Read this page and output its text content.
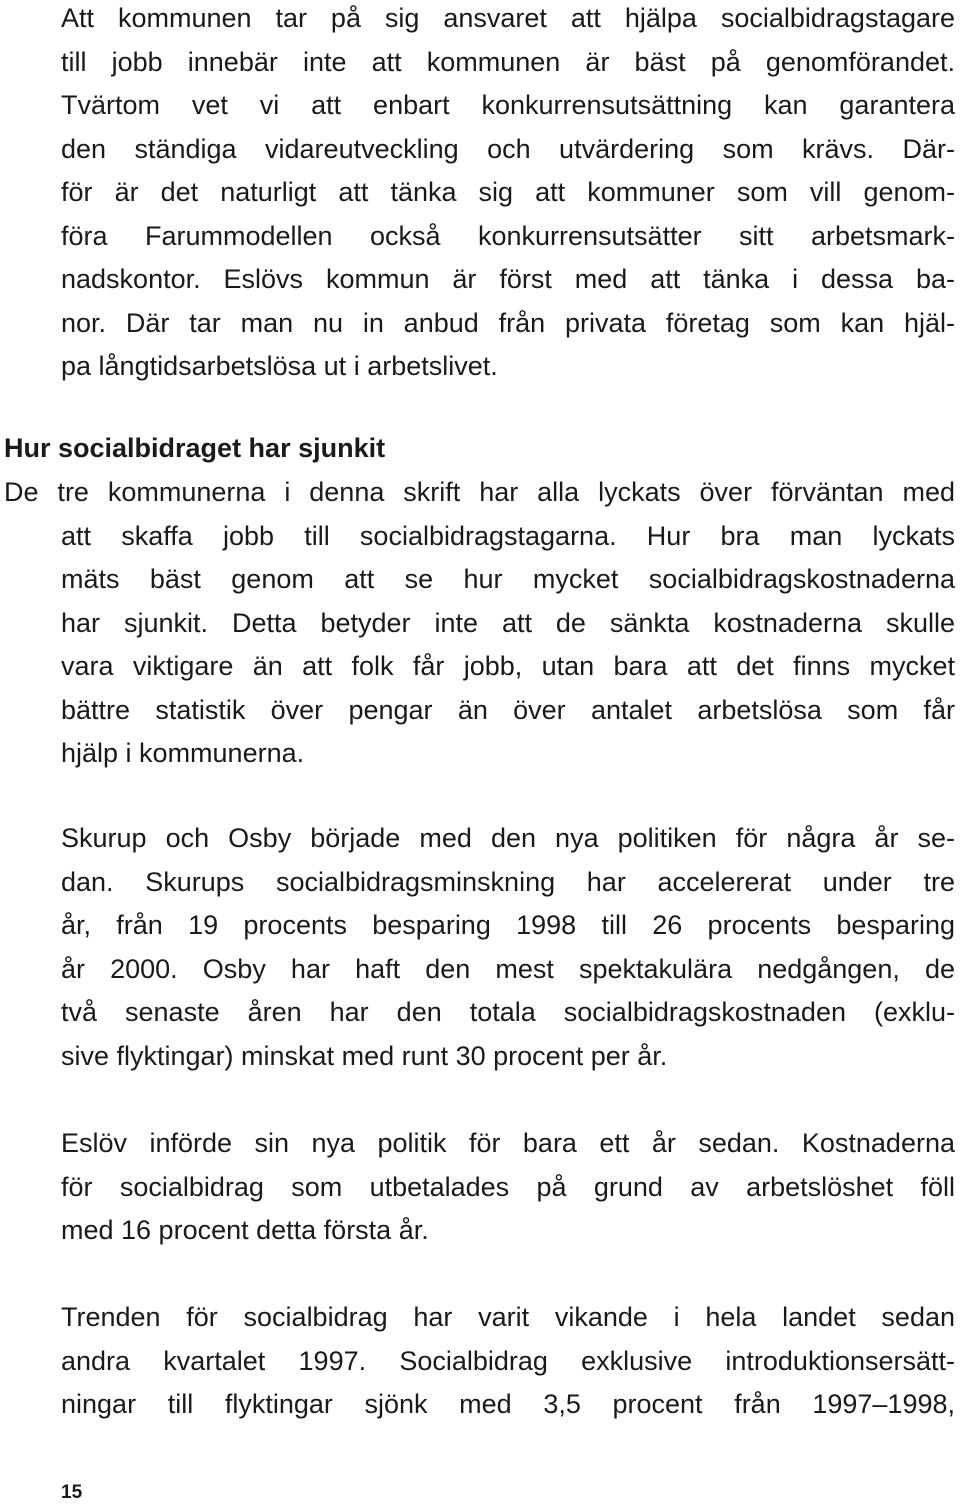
Att kommunen tar på sig ansvaret att hjälpa socialbidragstagare
till jobb innebär inte att kommunen är bäst på genomförandet.
Tvärtom vet vi att enbart konkurrensutsättning kan garantera
den ständiga vidareutveckling och utvärdering som krävs. Där-
för är det naturligt att tänka sig att kommuner som vill genom-
föra Farummodellen också konkurrensutsätter sitt arbetsmark-
nadskontor. Eslövs kommun är först med att tänka i dessa ba-
nor. Där tar man nu in anbud från privata företag som kan hjäl-
pa långtidsarbetslösa ut i arbetslivet.
Hur socialbidraget har sjunkit
De tre kommunerna i denna skrift har alla lyckats över förväntan med
att skaffa jobb till socialbidragstagarna. Hur bra man lyckats
mäts bäst genom att se hur mycket socialbidragskostnaderna
har sjunkit. Detta betyder inte att de sänkta kostnaderna skulle
vara viktigare än att folk får jobb, utan bara att det finns mycket
bättre statistik över pengar än över antalet arbetslösa som får
hjälp i kommunerna.
Skurup och Osby började med den nya politiken för några år se-
dan. Skurups socialbidragsminskning har accelererat under tre
år, från 19 procents besparing 1998 till 26 procents besparing
år 2000. Osby har haft den mest spektakulära nedgången, de
två senaste åren har den totala socialbidragskostnaden (exklu-
sive flyktingar) minskat med runt 30 procent per år.
Eslöv införde sin nya politik för bara ett år sedan. Kostnaderna
för socialbidrag som utbetalades på grund av arbetslöshet föll
med 16 procent detta första år.
Trenden för socialbidrag har varit vikande i hela landet sedan
andra kvartalet 1997. Socialbidrag exklusive introduktionsersätt-
ningar till flyktingar sjönk med 3,5 procent från 1997–1998,
15
